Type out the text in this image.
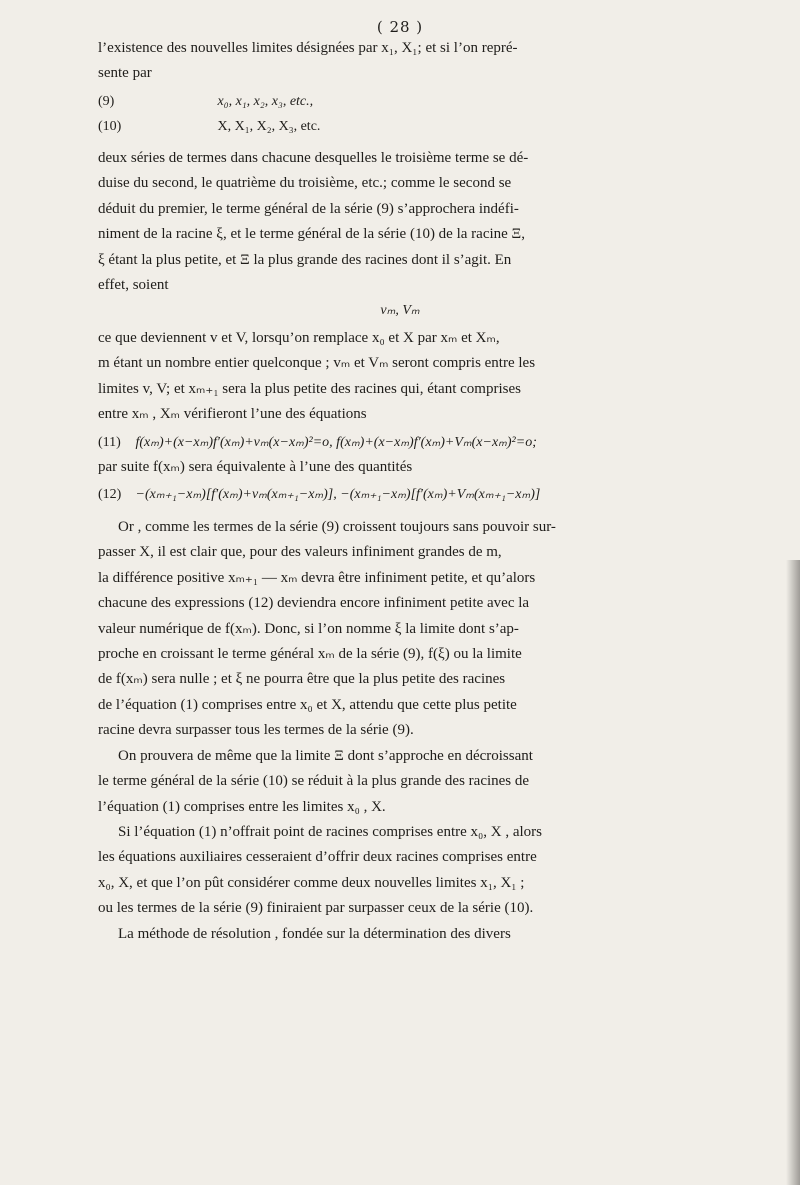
( 28 )
l’existence des nouvelles limites désignées par x₁, X₁; et si l’on repré-
sente par
(9)	x₀, x₁, x₂, x₃, etc.,
(10)	X, X₁, X₂, X₃, etc.
deux séries de termes dans chacune desquelles le troisième terme se dé-
duise du second, le quatrième du troisième, etc.; comme le second se
déduit du premier, le terme général de la série (9) s’approchera indéfi-
niment de la racine ξ, et le terme général de la série (10) de la racine Ξ,
ξ étant la plus petite, et Ξ la plus grande des racines dont il s’agit. En
effet, soient
vₘ, Vₘ
ce que deviennent v et V, lorsqu’on remplace x₀ et X par xₘ et Xₘ,
m étant un nombre entier quelconque ; vₘ et Vₘ seront compris entre les
limites v, V; et xₘ₊₁ sera la plus petite des racines qui, étant comprises
entre xₘ , Xₘ vérifieront l’une des équations
(11) f(xₘ)+(x−xₘ)f′(xₘ)+vₘ(x−xₘ)²=o, f(xₘ)+(x−xₘ)f′(xₘ)+Vₘ(x−xₘ)²=o;
par suite f(xₘ) sera équivalente à l’une des quantités
(12) −(xₘ₊₁−xₘ)[f′(xₘ)+vₘ(xₘ₊₁−xₘ)], −(xₘ₊₁−xₘ)[f′(xₘ)+Vₘ(xₘ₊₁−xₘ)]
Or , comme les termes de la série (9) croissent toujours sans pouvoir sur-
passer X, il est clair que, pour des valeurs infiniment grandes de m,
la différence positive xₘ₊₁ — xₘ devra être infiniment petite, et qu’alors
chacune des expressions (12) deviendra encore infiniment petite avec la
valeur numérique de f(xₘ). Donc, si l’on nomme ξ la limite dont s’ap-
proche en croissant le terme général xₘ de la série (9), f(ξ) ou la limite
de f(xₘ) sera nulle ; et ξ ne pourra être que la plus petite des racines
de l’équation (1) comprises entre x₀ et X, attendu que cette plus petite
racine devra surpasser tous les termes de la série (9).
On prouvera de même que la limite Ξ dont s’approche en décroissant
le terme général de la série (10) se réduit à la plus grande des racines de
l’équation (1) comprises entre les limites x₀ , X.
Si l’équation (1) n’offrait point de racines comprises entre x₀, X , alors
les équations auxiliaires cesseraient d’offrir deux racines comprises entre
x₀, X, et que l’on pût considérer comme deux nouvelles limites x₁, X₁ ;
ou les termes de la série (9) finiraient par surpasser ceux de la série (10).
La méthode de résolution , fondée sur la détermination des divers
